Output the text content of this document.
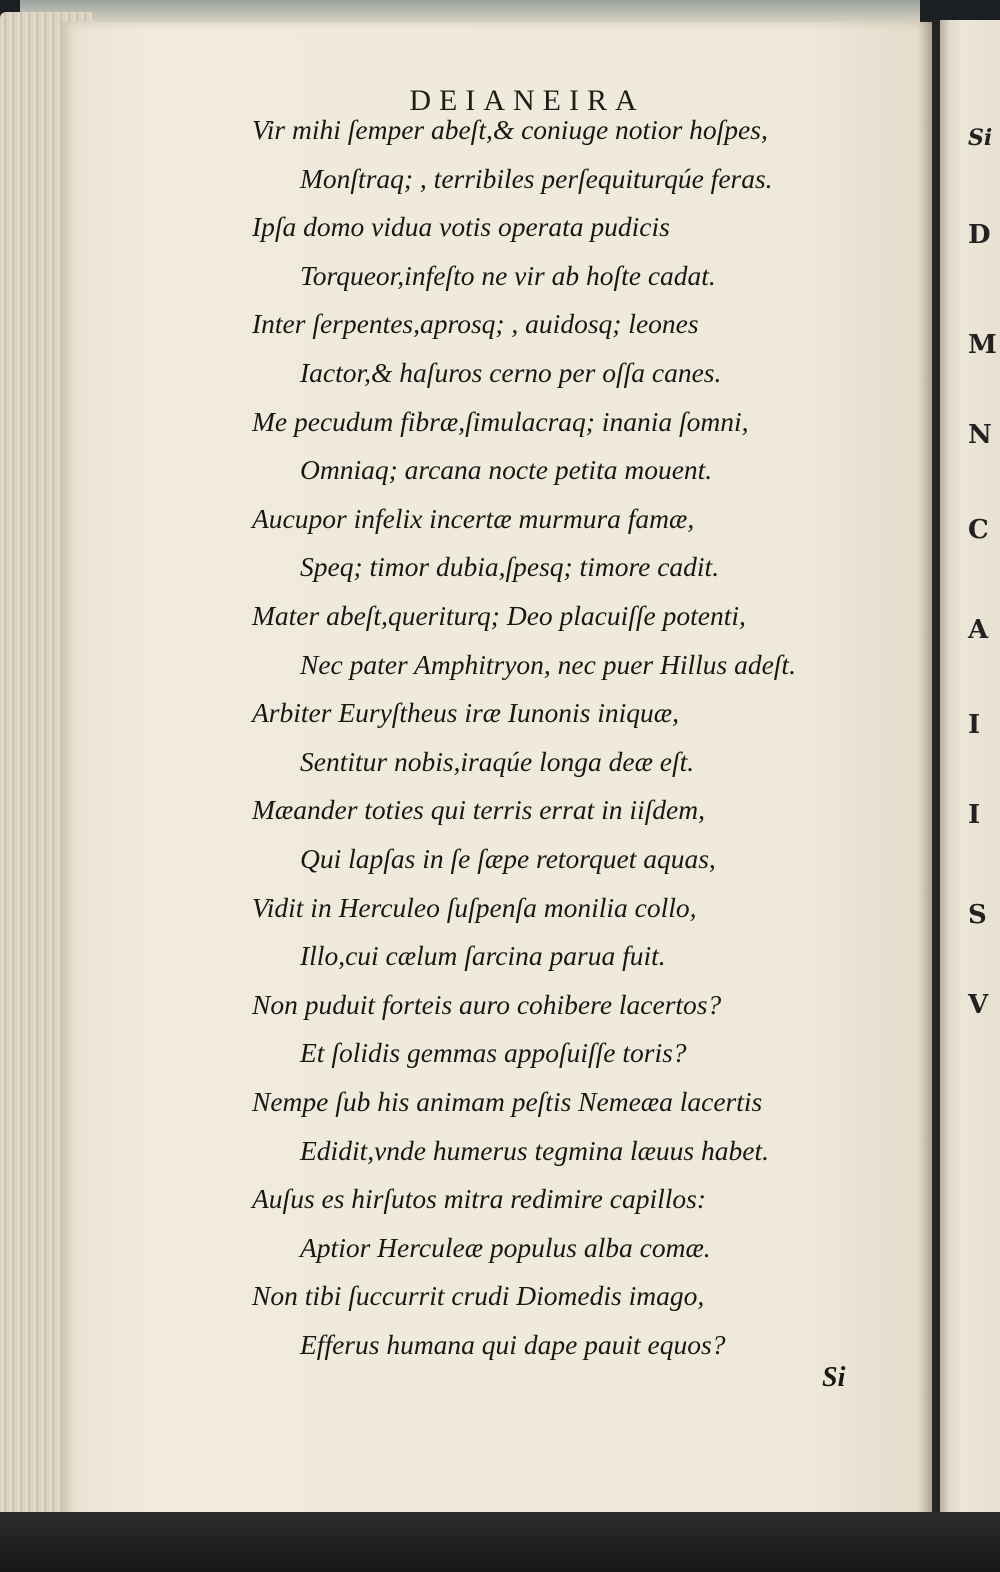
Si
D
M
N
C
A
I
I
S
V
DEIANEIRA
Vir mihi ſemper abeſt,& coniuge notior hoſpes,
Monſtraq; , terribiles perſequiturqúe feras.
Ipſa domo vidua votis operata pudicis
Torqueor,infeſto ne vir ab hoſte cadat.
Inter ſerpentes,aprosq; , auidosq; leones
Iactor,& haſuros cerno per oſſa canes.
Me pecudum fibræ,ſimulacraq; inania ſomni,
Omniaq; arcana nocte petita mouent.
Aucupor infelix incertæ murmura famæ,
Speq; timor dubia,ſpesq; timore cadit.
Mater abeſt,queriturq; Deo placuiſſe potenti,
Nec pater Amphitryon, nec puer Hillus adeſt.
Arbiter Euryſtheus iræ Iunonis iniquæ,
Sentitur nobis,iraqúe longa deæ eſt.
Mæander toties qui terris errat in iiſdem,
Qui lapſas in ſe ſæpe retorquet aquas,
Vidit in Herculeo ſuſpenſa monilia collo,
Illo,cui cælum ſarcina parua fuit.
Non puduit forteis auro cohibere lacertos?
Et ſolidis gemmas appoſuiſſe toris?
Nempe ſub his animam peſtis Nemeæa lacertis
Edidit,vnde humerus tegmina læuus habet.
Auſus es hirſutos mitra redimire capillos:
Aptior Herculeæ populus alba comæ.
Non tibi ſuccurrit crudi Diomedis imago,
Efferus humana qui dape pauit equos?
Si
